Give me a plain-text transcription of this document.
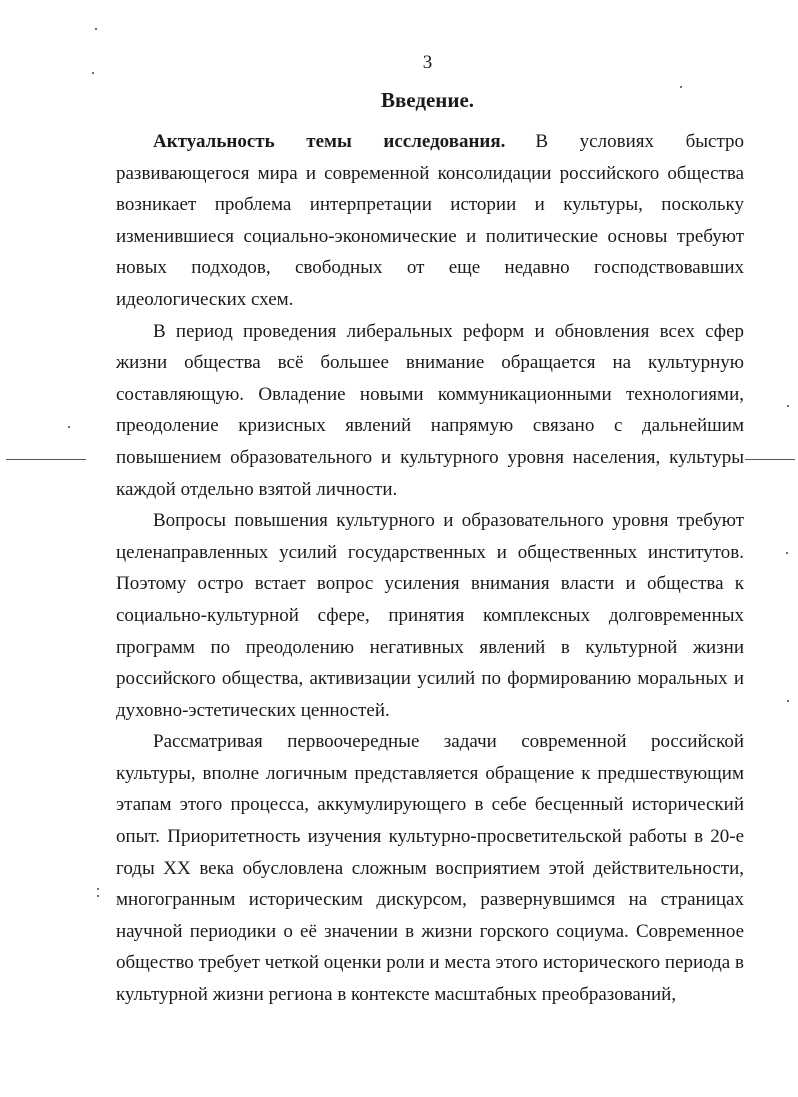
3
Введение.

Актуальность темы исследования. В условиях быстро развивающегося мира и современной консолидации российского общества возникает проблема интерпретации истории и культуры, поскольку изменившиеся социально-экономические и политические основы требуют новых подходов, свободных от еще недавно господствовавших идеологических схем.

В период проведения либеральных реформ и обновления всех сфер жизни общества всё большее внимание обращается на культурную составляющую. Овладение новыми коммуникационными технологиями, преодоление кризисных явлений напрямую связано с дальнейшим повышением образовательного и культурного уровня населения, культуры каждой отдельно взятой личности.

Вопросы повышения культурного и образовательного уровня требуют целенаправленных усилий государственных и общественных институтов. Поэтому остро встает вопрос усиления внимания власти и общества к социально-культурной сфере, принятия комплексных долговременных программ по преодолению негативных явлений в культурной жизни российского общества, активизации усилий по формированию моральных и духовно-эстетических ценностей.

Рассматривая первоочередные задачи современной российской культуры, вполне логичным представляется обращение к предшествующим этапам этого процесса, аккумулирующего в себе бесценный исторический опыт. Приоритетность изучения культурно-просветительской работы в 20-е годы XX века обусловлена сложным восприятием этой действительности, многогранным историческим дискурсом, развернувшимся на страницах научной периодики о её значении в жизни горского социума. Современное общество требует четкой оценки роли и места этого исторического периода в культурной жизни региона в контексте масштабных преобразований,
